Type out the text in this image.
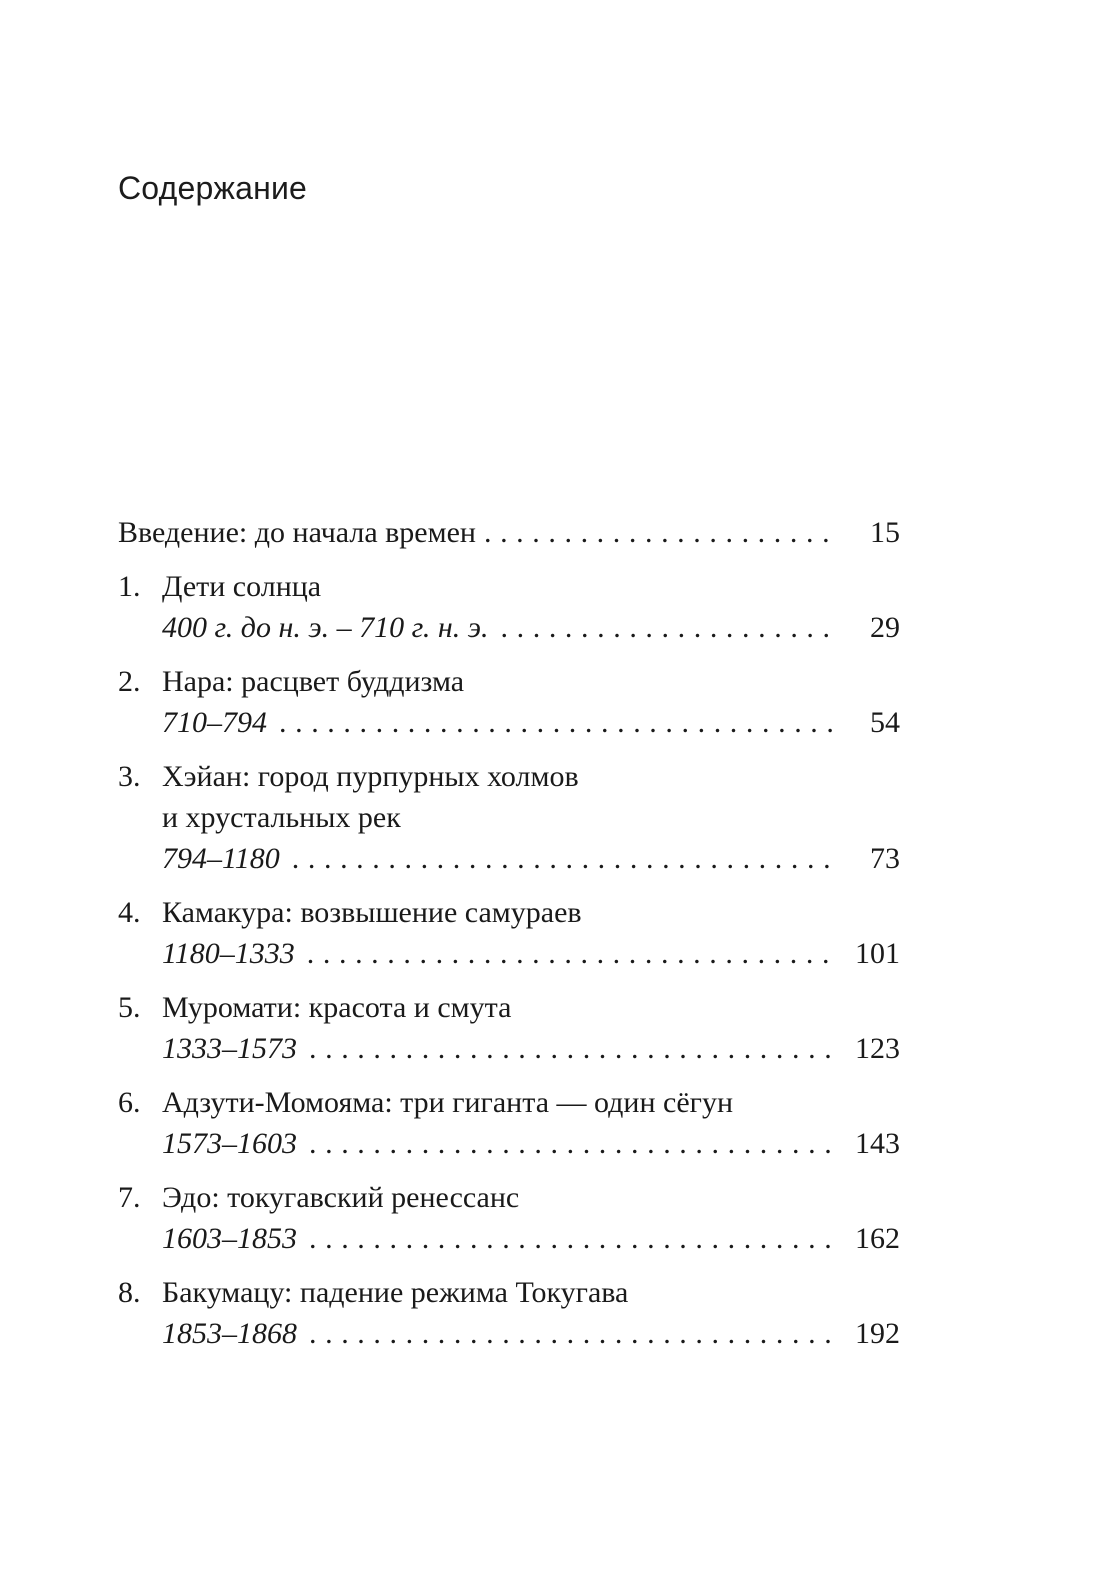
Содержание
Введение: до начала времен .....	15
1. Дети солнца
400 г. до н. э. – 710 г. н. э. .....	29
2. Нара: расцвет буддизма
710–794 .....	54
3. Хэйан: город пурпурных холмов
и хрустальных рек
794–1180 .....	73
4. Камакура: возвышение самураев
1180–1333 .....	101
5. Муромати: красота и смута
1333–1573 .....	123
6. Адзути-Момояма: три гиганта — один сёгун
1573–1603 .....	143
7. Эдо: токугавский ренессанс
1603–1853 .....	162
8. Бакумацу: падение режима Токугава
1853–1868 .....	192
